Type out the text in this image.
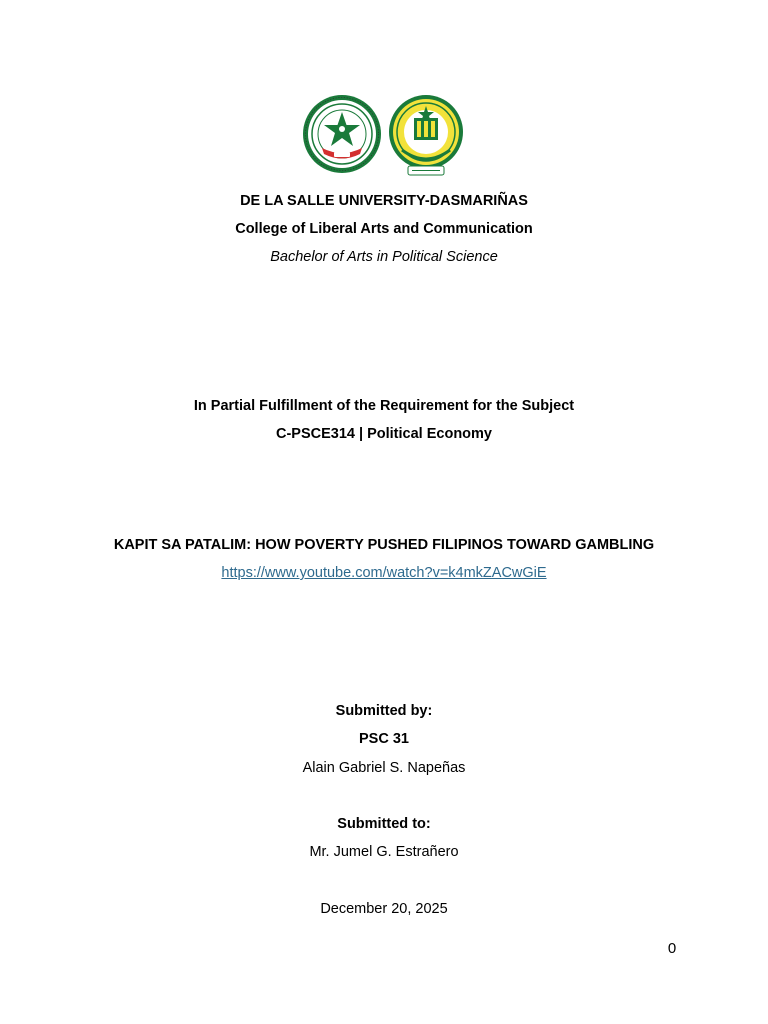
DE LA SALLE UNIVERSITY-DASMARIÑAS
College of Liberal Arts and Communication
Bachelor of Arts in Political Science
In Partial Fulfillment of the Requirement for the Subject
C-PSCE314 | Political Economy
KAPIT SA PATALIM: HOW POVERTY PUSHED FILIPINOS TOWARD GAMBLING
https://www.youtube.com/watch?v=k4mkZACwGiE
Submitted by:
PSC 31
Alain Gabriel S. Napeñas
Submitted to:
Mr. Jumel G. Estrañero
December 20, 2025
0
